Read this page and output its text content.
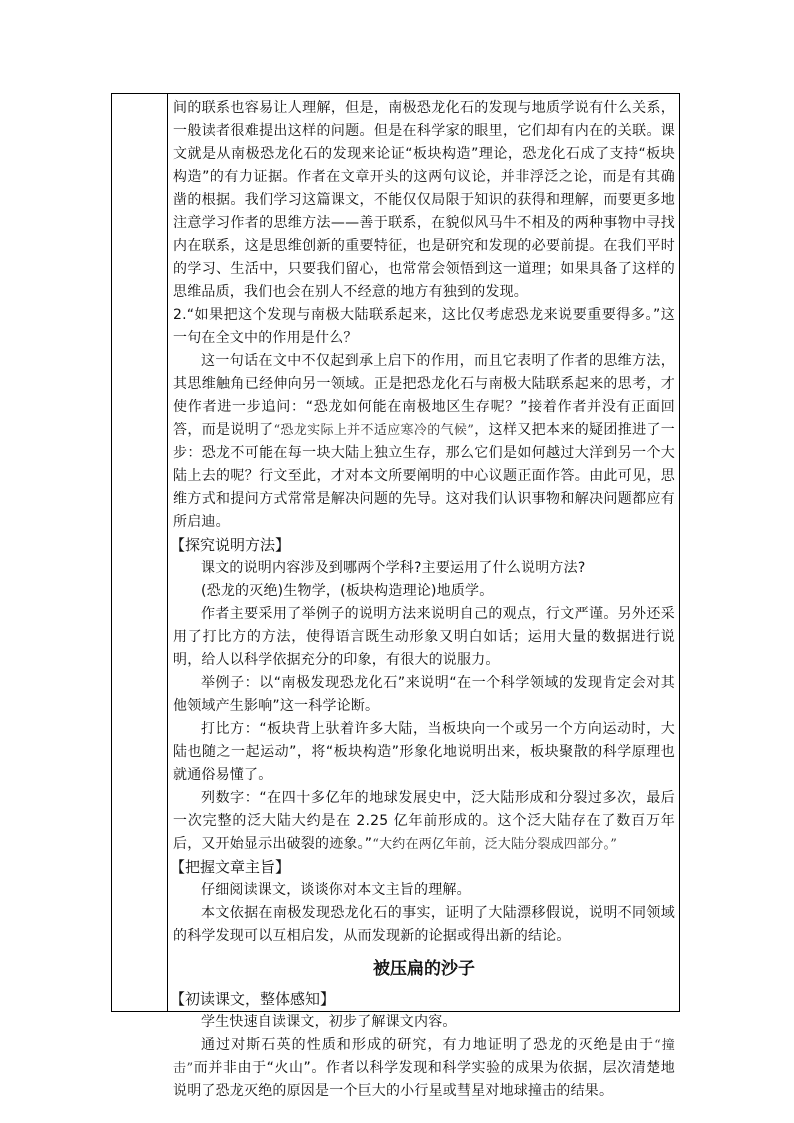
间的联系也容易让人理解，但是，南极恐龙化石的发现与地质学说有什么关系，一般读者很难提出这样的问题。但是在科学家的眼里，它们却有内在的关联。课文就是从南极恐龙化石的发现来论证“板块构造”理论，恐龙化石成了支持“板块构造”的有力证据。作者在文章开头的这两句议论，并非浮泛之论，而是有其确凿的根据。我们学习这篇课文，不能仅仅局限于知识的获得和理解，而要更多地注意学习作者的思维方法——善于联系，在貌似风马牛不相及的两种事物中寻找内在联系，这是思维创新的重要特征，也是研究和发现的必要前提。在我们平时的学习、生活中，只要我们留心，也常常会领悟到这一道理；如果具备了这样的思维品质，我们也会在别人不经意的地方有独到的发现。

2.“如果把这个发现与南极大陆联系起来，这比仅考虑恐龙来说要重要得多。”这一句在全文中的作用是什么？

这一句话在文中不仅起到承上启下的作用，而且它表明了作者的思维方法，其思维触角已经伸向另一领域。正是把恐龙化石与南极大陆联系起来的思考，才使作者进一步追问：“恐龙如何能在南极地区生存呢？”接着作者并没有正面回答，而是说明了“恐龙实际上并不适应寒冷的气候”，这样又把本来的疑团推进了一步：恐龙不可能在每一块大陆上独立生存，那么它们是如何越过大洋到另一个大陆上去的呢？行文至此，才对本文所要阐明的中心议题正面作答。由此可见，思维方式和提问方式常常是解决问题的先导。这对我们认识事物和解决问题都应有所启迪。

【探究说明方法】

课文的说明内容涉及到哪两个学科?主要运用了什么说明方法?

(恐龙的灭绝)生物学，(板块构造理论)地质学。

作者主要采用了举例子的说明方法来说明自己的观点，行文严谨。另外还采用了打比方的方法，使得语言既生动形象又明白如话；运用大量的数据进行说明，给人以科学依据充分的印象，有很大的说服力。

举例子：以“南极发现恐龙化石”来说明“在一个科学领域的发现肯定会对其他领域产生影响”这一科学论断。

打比方：“板块背上驮着许多大陆，当板块向一个或另一个方向运动时，大陆也随之一起运动”，将“板块构造”形象化地说明出来，板块聚散的科学原理也就通俗易懂了。

列数字：“在四十多亿年的地球发展史中，泛大陆形成和分裂过多次，最后一次完整的泛大陆大约是在 2.25 亿年前形成的。这个泛大陆存在了数百万年后，又开始显示出破裂的迹象。”“大约在两亿年前，泛大陆分裂成四部分。”

【把握文章主旨】

仔细阅读课文，谈谈你对本文主旨的理解。

本文依据在南极发现恐龙化石的事实，证明了大陆漂移假说，说明不同领域的科学发现可以互相启发，从而发现新的论据或得出新的结论。

被压扁的沙子

【初读课文，整体感知】

学生快速自读课文，初步了解课文内容。

通过对斯石英的性质和形成的研究，有力地证明了恐龙的灭绝是由于“撞击”而并非由于“火山”。作者以科学发现和科学实验的成果为依据，层次清楚地说明了恐龙灭绝的原因是一个巨大的小行星或彗星对地球撞击的结果。
